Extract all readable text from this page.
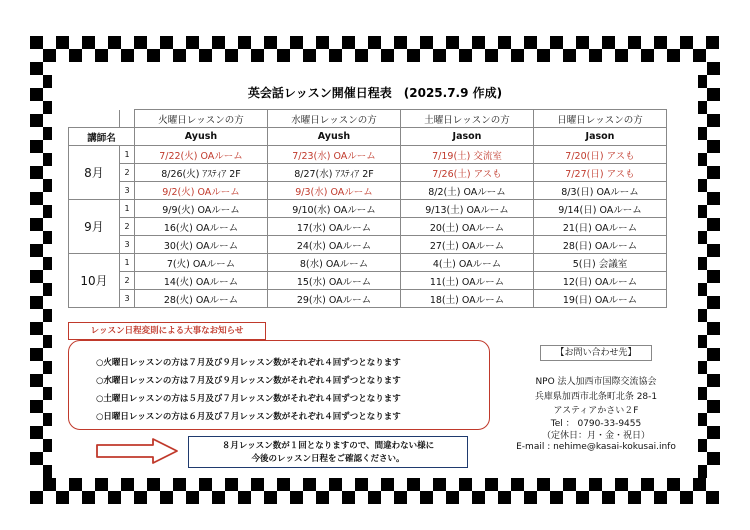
英会話レッスン開催日程表　(2025.7.9 作成)
		火曜日レッスンの方	水曜日レッスンの方	土曜日レッスンの方	日曜日レッスンの方
講師名		Ayush	Ayush	Jason	Jason
8月	1	7/22(火) OAルーム	7/23(水) OAルーム	7/19(土) 交流室	7/20(日) アスも
	2	8/26(火) ｱｽﾃｨｱ 2F	8/27(水) ｱｽﾃｨｱ 2F	7/26(土) アスも	7/27(日) アスも
	3	9/2(火) OAルーム	9/3(水) OAルーム	8/2(土) OAルーム	8/3(日) OAルーム
9月	1	9/9(火) OAルーム	9/10(水) OAルーム	9/13(土) OAルーム	9/14(日) OAルーム
	2	16(火) OAルーム	17(水) OAルーム	20(土) OAルーム	21(日) OAルーム
	3	30(火) OAルーム	24(水) OAルーム	27(土) OAルーム	28(日) OAルーム
10月	1	7(火) OAルーム	8(水) OAルーム	4(土) OAルーム	5(日) 会議室
	2	14(火) OAルーム	15(水) OAルーム	11(土) OAルーム	12(日) OAルーム
	3	28(火) OAルーム	29(水) OAルーム	18(土) OAルーム	19(日) OAルーム
レッスン日程変則による大事なお知らせ
○火曜日レッスンの方は７月及び９月レッスン数がそれぞれ４回ずつとなります
○水曜日レッスンの方は７月及び９月レッスン数がそれぞれ４回ずつとなります
○土曜日レッスンの方は５月及び７月レッスン数がそれぞれ４回ずつとなります
○日曜日レッスンの方は６月及び７月レッスン数がそれぞれ４回ずつとなります
８月レッスン数が１回となりますので、間違わない様に
今後のレッスン日程をご確認ください。
【お問い合わせ先】
NPO 法人加西市国際交流協会
兵庫県加西市北条町北条 28-1
アスティアかさい２F
Tel ： 0790-33-9455
（定休日：月・金・祝日）
E-mail : nehime@kasai-kokusai.info
